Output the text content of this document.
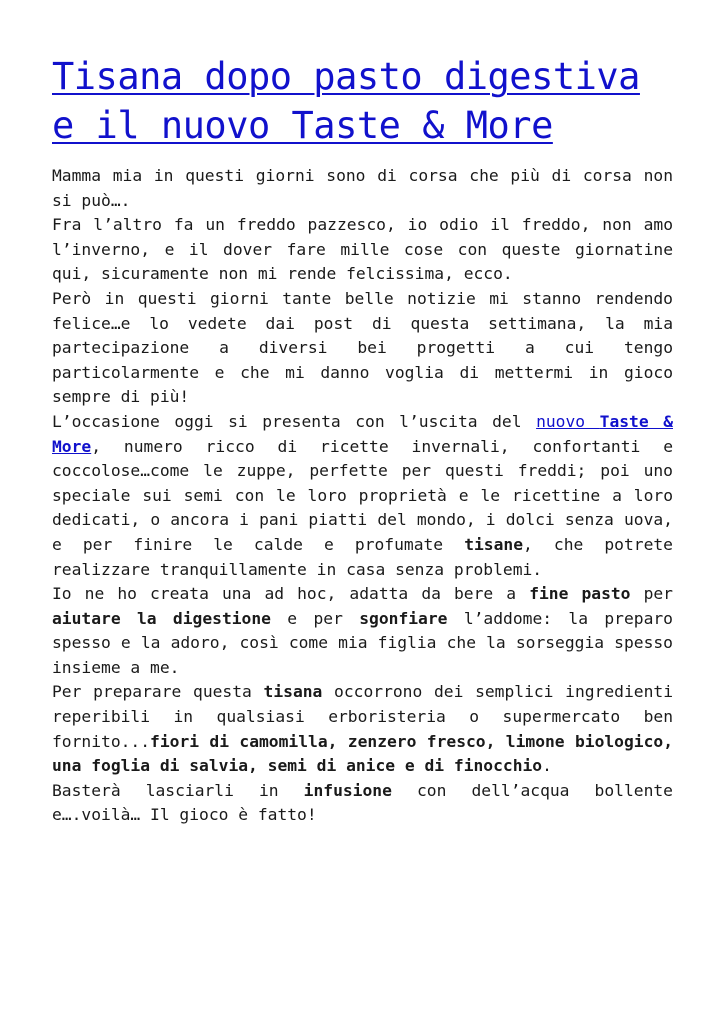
Tisana dopo pasto digestiva e il nuovo Taste & More

Mamma mia in questi giorni sono di corsa che più di corsa non si può….

Fra l’altro fa un freddo pazzesco, io odio il freddo, non amo l’inverno, e il dover fare mille cose con queste giornatine qui, sicuramente non mi rende felcissima, ecco.

Però in questi giorni tante belle notizie mi stanno rendendo felice…e lo vedete dai post di questa settimana, la mia partecipazione a diversi bei progetti a cui tengo particolarmente e che mi danno voglia di mettermi in gioco sempre di più!

L’occasione oggi si presenta con l’uscita del nuovo Taste & More, numero ricco di ricette invernali, confortanti e coccolose…come le zuppe, perfette per questi freddi; poi uno speciale sui semi con le loro proprietà e le ricettine a loro dedicati, o ancora i pani piatti del mondo, i dolci senza uova, e per finire le calde e profumate tisane, che potrete realizzare tranquillamente in casa senza problemi.

Io ne ho creata una ad hoc, adatta da bere a fine pasto per aiutare la digestione e per sgonfiare l’addome: la preparo spesso e la adoro, così come mia figlia che la sorseggia spesso insieme a me.

Per preparare questa tisana occorrono dei semplici ingredienti reperibili in qualsiasi erboristeria o supermercato ben fornito...fiori di camomilla, zenzero fresco, limone biologico, una foglia di salvia, semi di anice e di finocchio.

Basterà lasciarli in infusione con dell’acqua bollente e….voilà… Il gioco è fatto!
